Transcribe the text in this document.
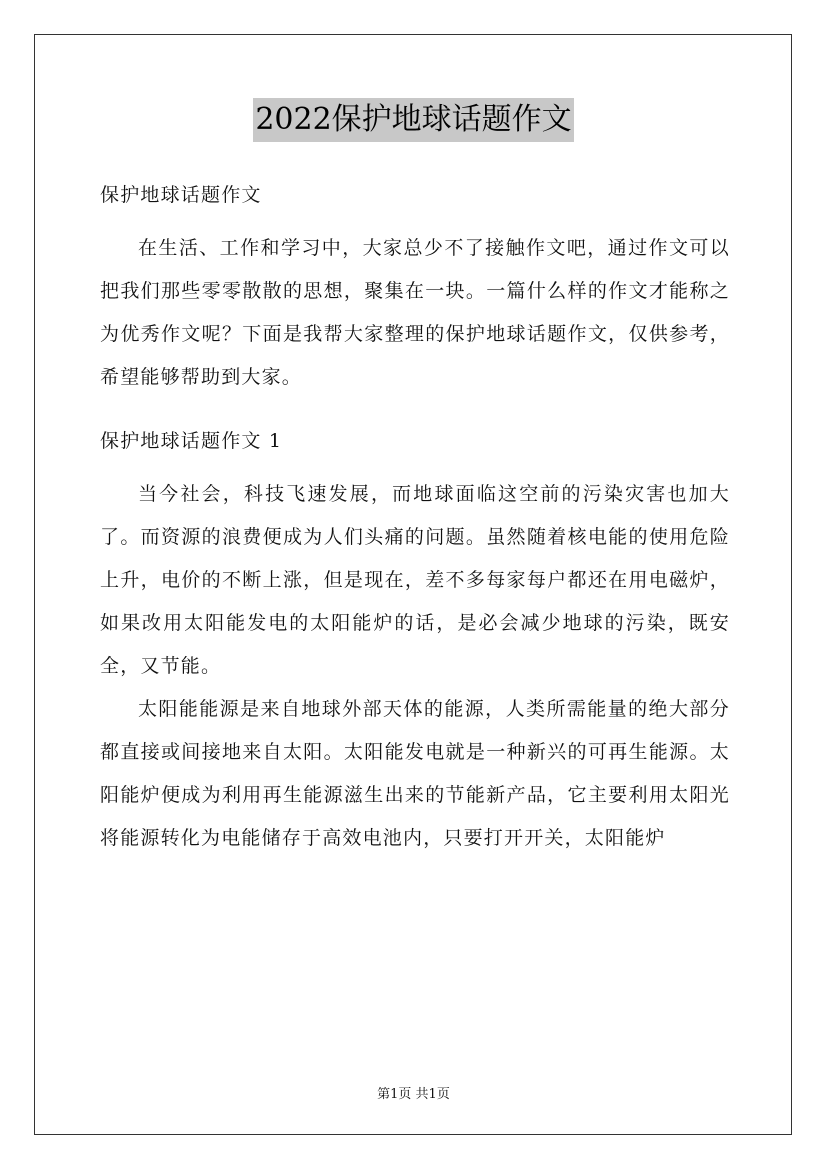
2022保护地球话题作文

保护地球话题作文

在生活、工作和学习中，大家总少不了接触作文吧，通过作文可以把我们那些零零散散的思想，聚集在一块。一篇什么样的作文才能称之为优秀作文呢？下面是我帮大家整理的保护地球话题作文，仅供参考，希望能够帮助到大家。

保护地球话题作文 1

当今社会，科技飞速发展，而地球面临这空前的污染灾害也加大了。而资源的浪费便成为人们头痛的问题。虽然随着核电能的使用危险上升，电价的不断上涨，但是现在，差不多每家每户都还在用电磁炉，如果改用太阳能发电的太阳能炉的话，是必会减少地球的污染，既安全，又节能。

太阳能能源是来自地球外部天体的能源，人类所需能量的绝大部分都直接或间接地来自太阳。太阳能发电就是一种新兴的可再生能源。太阳能炉便成为利用再生能源滋生出来的节能新产品，它主要利用太阳光将能源转化为电能储存于高效电池内，只要打开开关，太阳能炉

第1页 共1页
